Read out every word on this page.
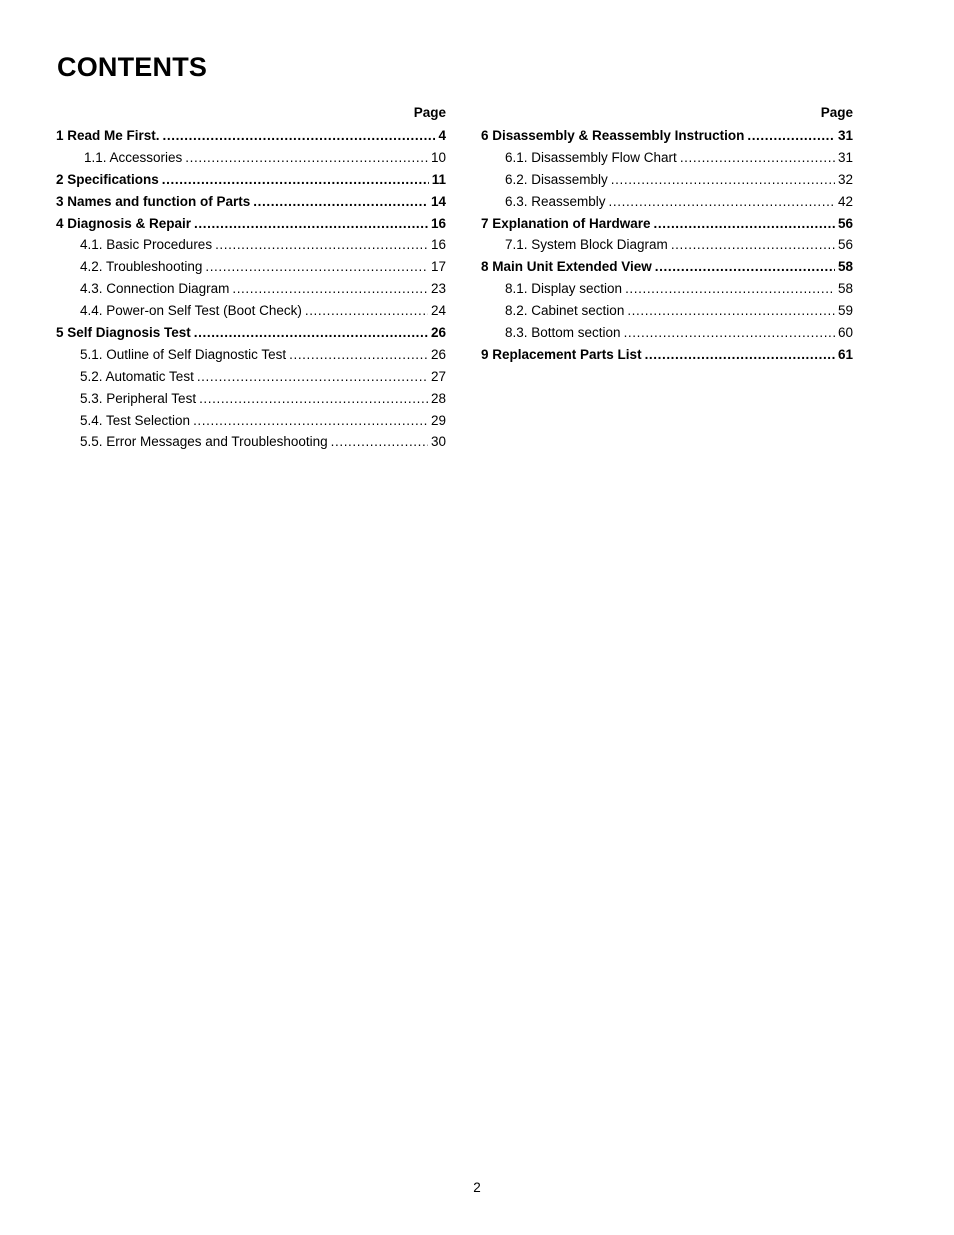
CONTENTS
Page
1 Read Me First. .....	4
1.1. Accessories .....	10
2 Specifications .....	11
3 Names and function of Parts .....	14
4 Diagnosis & Repair .....	16
4.1. Basic Procedures .....	16
4.2. Troubleshooting .....	17
4.3. Connection Diagram .....	23
4.4. Power-on Self Test (Boot Check) .....	24
5 Self Diagnosis Test .....	26
5.1. Outline of Self Diagnostic Test .....	26
5.2. Automatic Test .....	27
5.3. Peripheral Test .....	28
5.4. Test Selection .....	29
5.5. Error Messages and Troubleshooting .....	30
Page
6 Disassembly & Reassembly Instruction .....	31
6.1. Disassembly Flow Chart .....	31
6.2. Disassembly .....	32
6.3. Reassembly .....	42
7 Explanation of Hardware .....	56
7.1. System Block Diagram .....	56
8 Main Unit Extended View .....	58
8.1. Display section .....	58
8.2. Cabinet section .....	59
8.3. Bottom section .....	60
9 Replacement Parts List .....	61
2
